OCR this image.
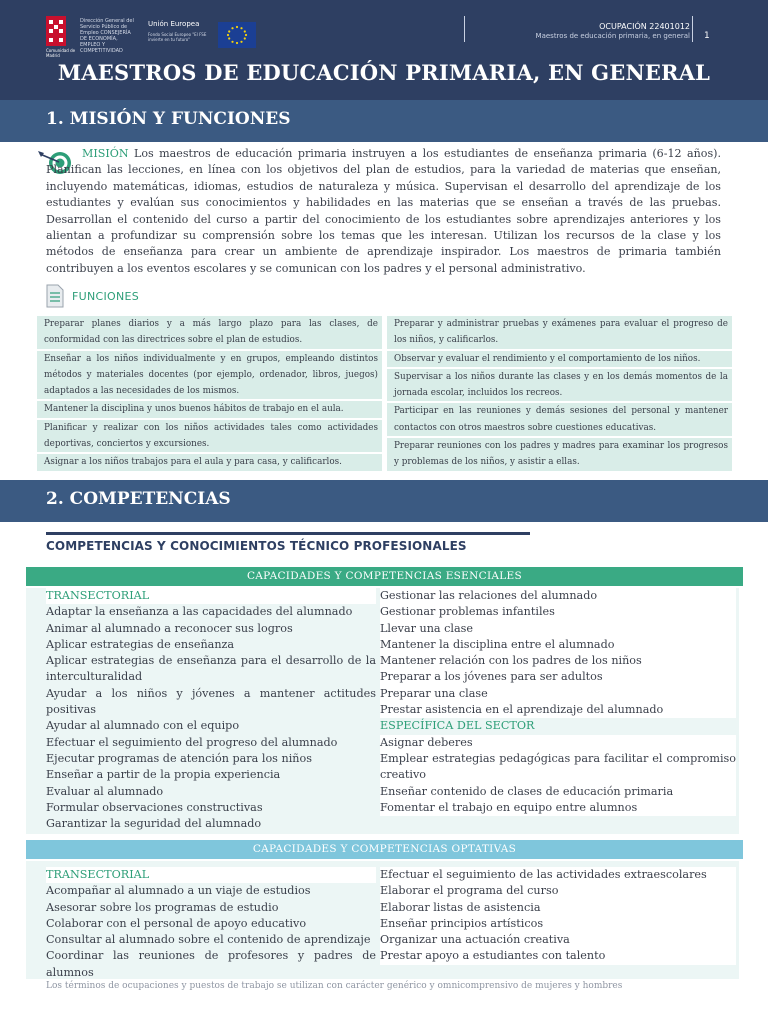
Comunidad de Madrid
Dirección General del Servicio Público de Empleo CONSEJERÍA DE ECONOMÍA, EMPLEO Y COMPETITIVIDAD
Unión Europea
Fondo Social Europeo "El FSE invierte en tu futuro"
OCUPACIÓN 22401012
Maestros de educación primaria, en general 1
MAESTROS DE EDUCACIÓN PRIMARIA, EN GENERAL
1. MISIÓN Y FUNCIONES
MISIÓN Los maestros de educación primaria instruyen a los estudiantes de enseñanza primaria (6-12 años). Planifican las lecciones, en línea con los objetivos del plan de estudios, para la variedad de materias que enseñan, incluyendo matemáticas, idiomas, estudios de naturaleza y música. Supervisan el desarrollo del aprendizaje de los estudiantes y evalúan sus conocimientos y habilidades en las materias que se enseñan a través de las pruebas. Desarrollan el contenido del curso a partir del conocimiento de los estudiantes sobre aprendizajes anteriores y los alientan a profundizar su comprensión sobre los temas que les interesan. Utilizan los recursos de la clase y los métodos de enseñanza para crear un ambiente de aprendizaje inspirador. Los maestros de primaria también contribuyen a los eventos escolares y se comunican con los padres y el personal administrativo.
FUNCIONES
Preparar planes diarios y a más largo plazo para las clases, de conformidad con las directrices sobre el plan de estudios.
Enseñar a los niños individualmente y en grupos, empleando distintos métodos y materiales docentes (por ejemplo, ordenador, libros, juegos) adaptados a las necesidades de los mismos.
Mantener la disciplina y unos buenos hábitos de trabajo en el aula.
Planificar y realizar con los niños actividades tales como actividades deportivas, conciertos y excursiones.
Asignar a los niños trabajos para el aula y para casa, y calificarlos.
Preparar y administrar pruebas y exámenes para evaluar el progreso de los niños, y calificarlos.
Observar y evaluar el rendimiento y el comportamiento de los niños.
Supervisar a los niños durante las clases y en los demás momentos de la jornada escolar, incluidos los recreos.
Participar en las reuniones y demás sesiones del personal y mantener contactos con otros maestros sobre cuestiones educativas.
Preparar reuniones con los padres y madres para examinar los progresos y problemas de los niños, y asistir a ellas.
2. COMPETENCIAS
COMPETENCIAS Y CONOCIMIENTOS TÉCNICO PROFESIONALES
CAPACIDADES Y COMPETENCIAS ESENCIALES
TRANSECTORIAL
Adaptar la enseñanza a las capacidades del alumnado
Animar al alumnado a reconocer sus logros
Aplicar estrategias de enseñanza
Aplicar estrategias de enseñanza para el desarrollo de la interculturalidad
Ayudar a los niños y jóvenes a mantener actitudes positivas
Ayudar al alumnado con el equipo
Efectuar el seguimiento del progreso del alumnado
Ejecutar programas de atención para los niños
Enseñar a partir de la propia experiencia
Evaluar al alumnado
Formular observaciones constructivas
Garantizar la seguridad del alumnado
Gestionar las relaciones del alumnado
Gestionar problemas infantiles
Llevar una clase
Mantener la disciplina entre el alumnado
Mantener relación con los padres de los niños
Preparar a los jóvenes para ser adultos
Preparar una clase
Prestar asistencia en el aprendizaje del alumnado
ESPECÍFICA DEL SECTOR
Asignar deberes
Emplear estrategias pedagógicas para facilitar el compromiso creativo
Enseñar contenido de clases de educación primaria
Fomentar el trabajo en equipo entre alumnos
CAPACIDADES Y COMPETENCIAS OPTATIVAS
TRANSECTORIAL
Acompañar al alumnado a un viaje de estudios
Asesorar sobre los programas de estudio
Colaborar con el personal de apoyo educativo
Consultar al alumnado sobre el contenido de aprendizaje
Coordinar las reuniones de profesores y padres de alumnos
Efectuar el seguimiento de las actividades extraescolares
Elaborar el programa del curso
Elaborar listas de asistencia
Enseñar principios artísticos
Organizar una actuación creativa
Prestar apoyo a estudiantes con talento
Los términos de ocupaciones y puestos de trabajo se utilizan con carácter genérico y omnicomprensivo de mujeres y hombres
